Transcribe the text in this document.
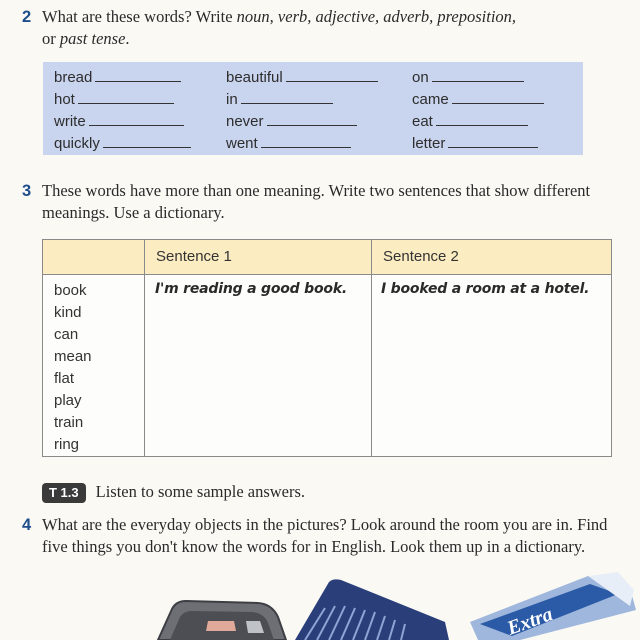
2 What are these words? Write noun, verb, adjective, adverb, preposition,
or past tense.
bread
hot
write
quickly
beautiful
in
never
went
on
came
eat
letter
3 These words have more than one meaning. Write two sentences that show different meanings. Use a dictionary.
Sentence 1	Sentence 2
book
kind
can
mean
flat
play
train
ring
I'm reading a good book. I booked a room at a hotel.
T 1.3 Listen to some sample answers.
4 What are the everyday objects in the pictures? Look around the room you are in. Find five things you don't know the words for in English. Look them up in a dictionary.
Extra
